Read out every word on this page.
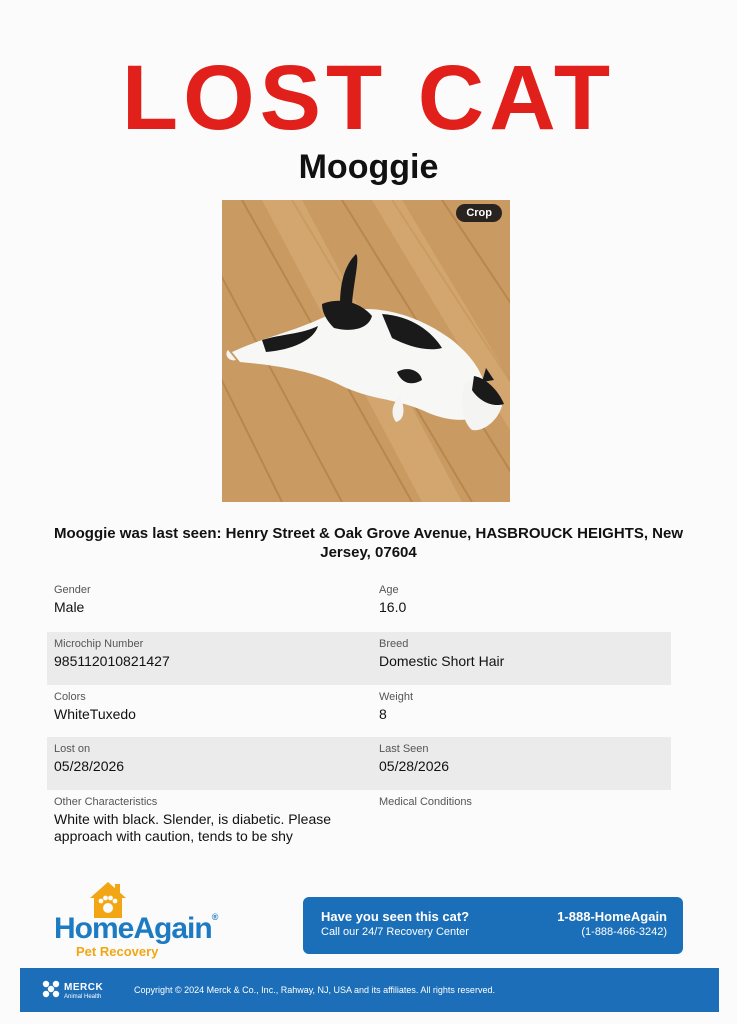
LOST CAT
Mooggie
Crop
Mooggie was last seen: Henry Street & Oak Grove Avenue, HASBROUCK HEIGHTS, New Jersey, 07604
Gender
Male
Age
16.0
Microchip Number
985112010821427
Breed
Domestic Short Hair
Colors
WhiteTuxedo
Weight
8
Lost on
05/28/2026
Last Seen
05/28/2026
Other Characteristics
White with black. Slender, is diabetic. Please approach with caution, tends to be shy
Medical Conditions
HomeAgain®
Pet Recovery
Have you seen this cat?
Call our 24/7 Recovery Center
1-888-HomeAgain
(1-888-466-3242)
MERCK
Animal Health
Copyright © 2024 Merck & Co., Inc., Rahway, NJ, USA and its affiliates. All rights reserved.
